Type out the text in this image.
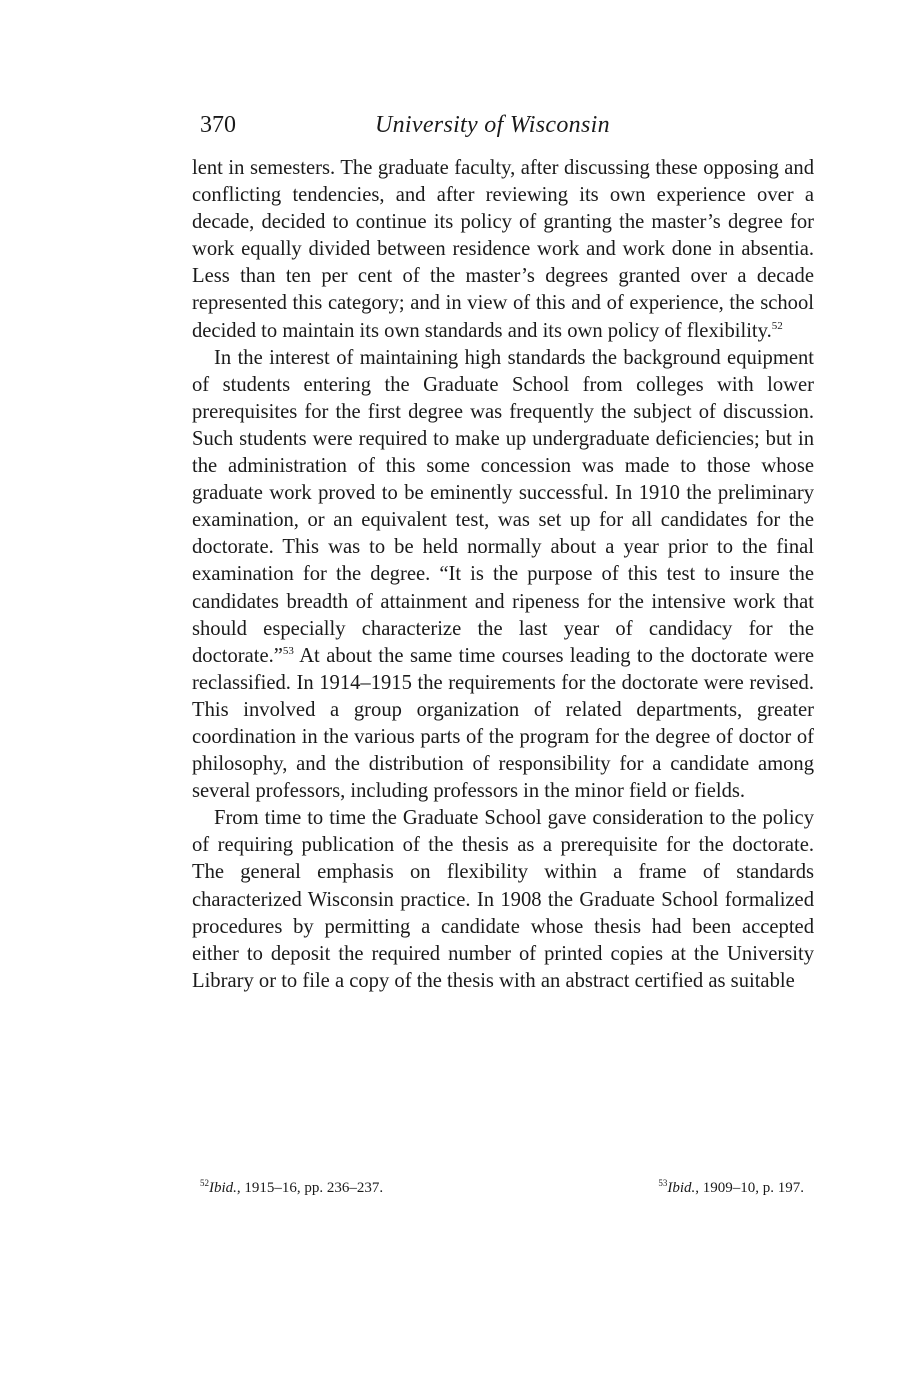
370	University of Wisconsin

lent in semesters. The graduate faculty, after discussing these opposing and conflicting tendencies, and after reviewing its own experience over a decade, decided to continue its policy of granting the master’s degree for work equally divided between residence work and work done in absentia. Less than ten per cent of the master’s degrees granted over a decade represented this category; and in view of this and of experience, the school decided to maintain its own standards and its own policy of flexibility.$^{52}$

In the interest of maintaining high standards the background equipment of students entering the Graduate School from colleges with lower prerequisites for the first degree was frequently the subject of discussion. Such students were required to make up undergraduate deficiencies; but in the administration of this some concession was made to those whose graduate work proved to be eminently successful. In 1910 the preliminary examination, or an equivalent test, was set up for all candidates for the doctorate. This was to be held normally about a year prior to the final examination for the degree. “It is the purpose of this test to insure the candidates breadth of attainment and ripeness for the intensive work that should especially characterize the last year of candidacy for the doctorate.”$^{53}$ At about the same time courses leading to the doctorate were reclassified. In 1914–1915 the requirements for the doctorate were revised. This involved a group organization of related departments, greater coordination in the various parts of the program for the degree of doctor of philosophy, and the distribution of responsibility for a candidate among several professors, including professors in the minor field or fields.

From time to time the Graduate School gave consideration to the policy of requiring publication of the thesis as a prerequisite for the doctorate. The general emphasis on flexibility within a frame of standards characterized Wisconsin practice. In 1908 the Graduate School formalized procedures by permitting a candidate whose thesis had been accepted either to deposit the required number of printed copies at the University Library or to file a copy of the thesis with an abstract certified as suitable

$^{52}$Ibid., 1915–16, pp. 236–237.	$^{53}$Ibid., 1909–10, p. 197.
